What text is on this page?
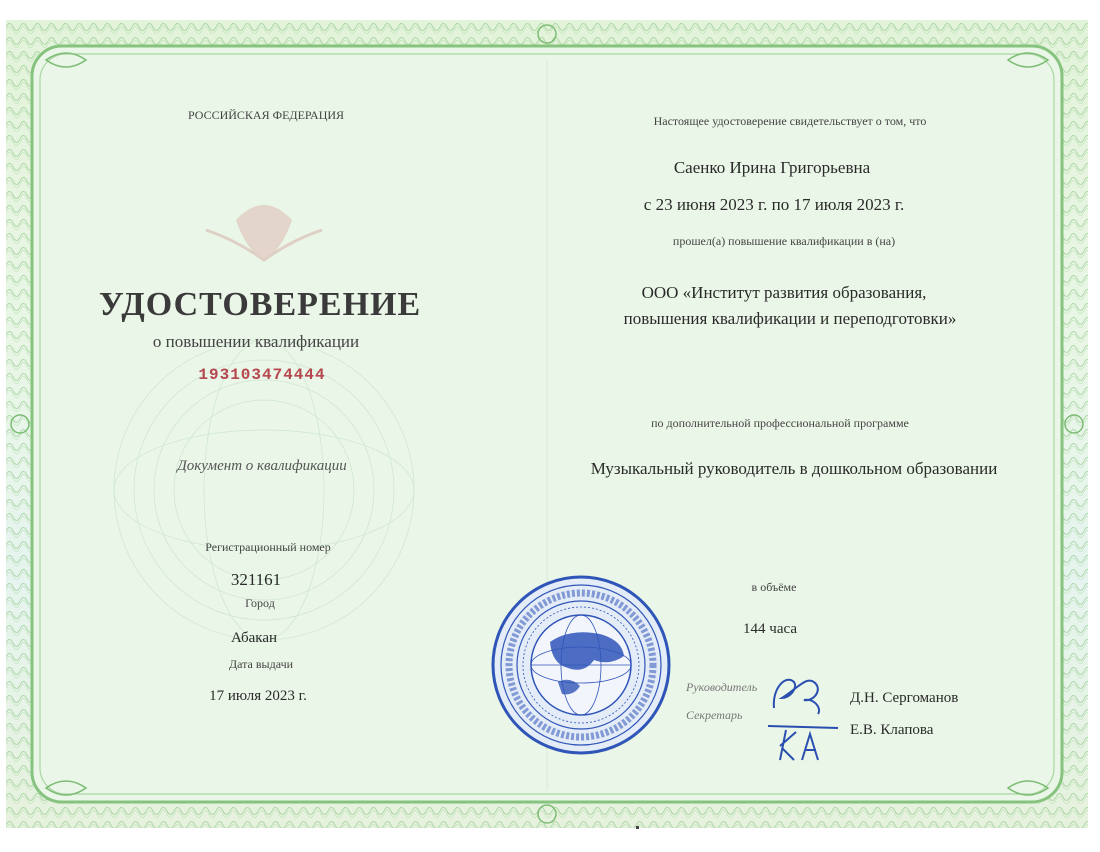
РОССИЙСКАЯ ФЕДЕРАЦИЯ
УДОСТОВЕРЕНИЕ
о повышении квалификации
193103474444
Документ о квалификации
Регистрационный номер
321161
Город
Абакан
Дата выдачи
17 июля 2023 г.
Настоящее удостоверение свидетельствует о том, что
Саенко Ирина Григорьевна
с 23 июня 2023 г. по 17 июля 2023 г.
прошел(а) повышение квалификации в (на)
ООО «Институт развития образования,
повышения квалификации и переподготовки»
по дополнительной профессиональной программе
Музыкальный руководитель в дошкольном образовании
в объёме
144 часа
Руководитель
Д.Н. Сергоманов
Секретарь
Е.В. Клапова
